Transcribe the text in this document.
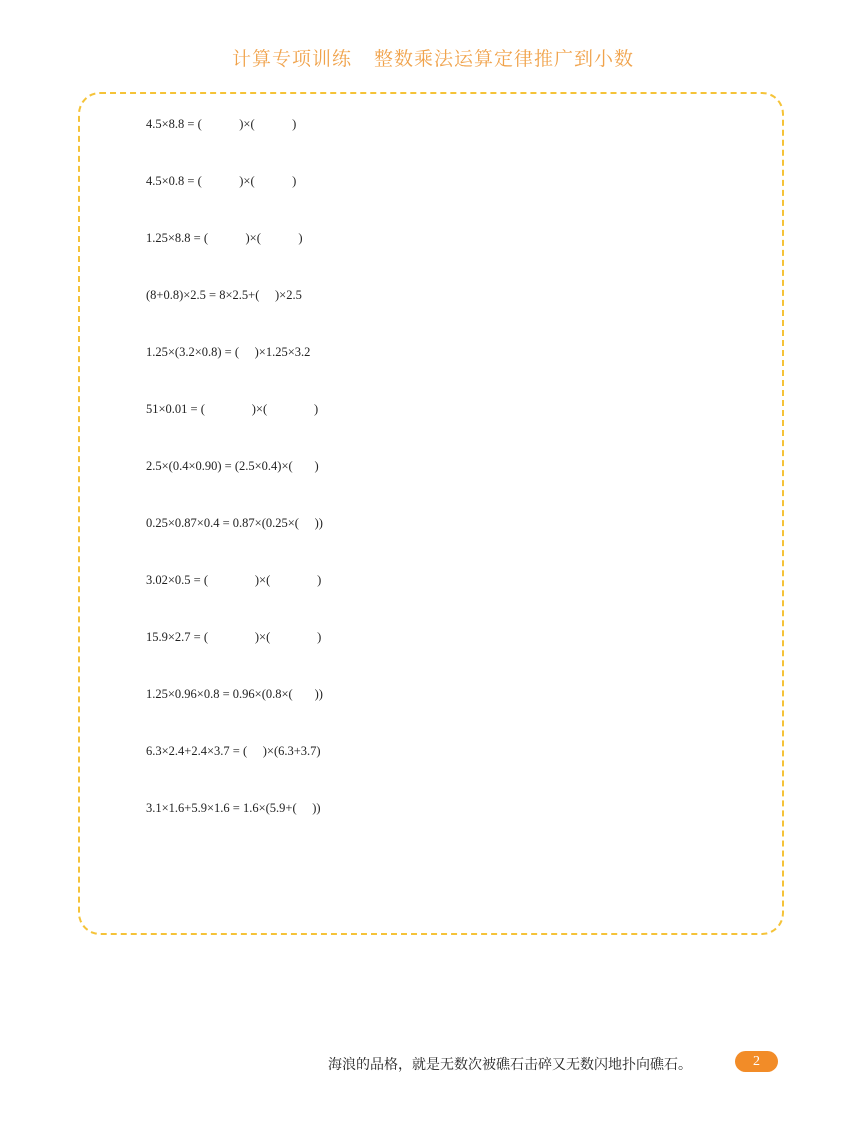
计算专项训练 整数乘法运算定律推广到小数
4.5×8.8 = (            )×(            )
4.5×0.8 = (            )×(            )
1.25×8.8 = (            )×(            )
(8+0.8)×2.5 = 8×2.5+(     )×2.5
1.25×(3.2×0.8) = (     )×1.25×3.2
51×0.01 = (               )×(               )
2.5×(0.4×0.90) = (2.5×0.4)×(       )
0.25×0.87×0.4 = 0.87×(0.25×(     ))
3.02×0.5 = (               )×(               )
15.9×2.7 = (               )×(               )
1.25×0.96×0.8 = 0.96×(0.8×(       ))
6.3×2.4+2.4×3.7 = (     )×(6.3+3.7)
3.1×1.6+5.9×1.6 = 1.6×(5.9+(     ))
海浪的品格，就是无数次被礁石击碎又无数闪地扑向礁石。	2
